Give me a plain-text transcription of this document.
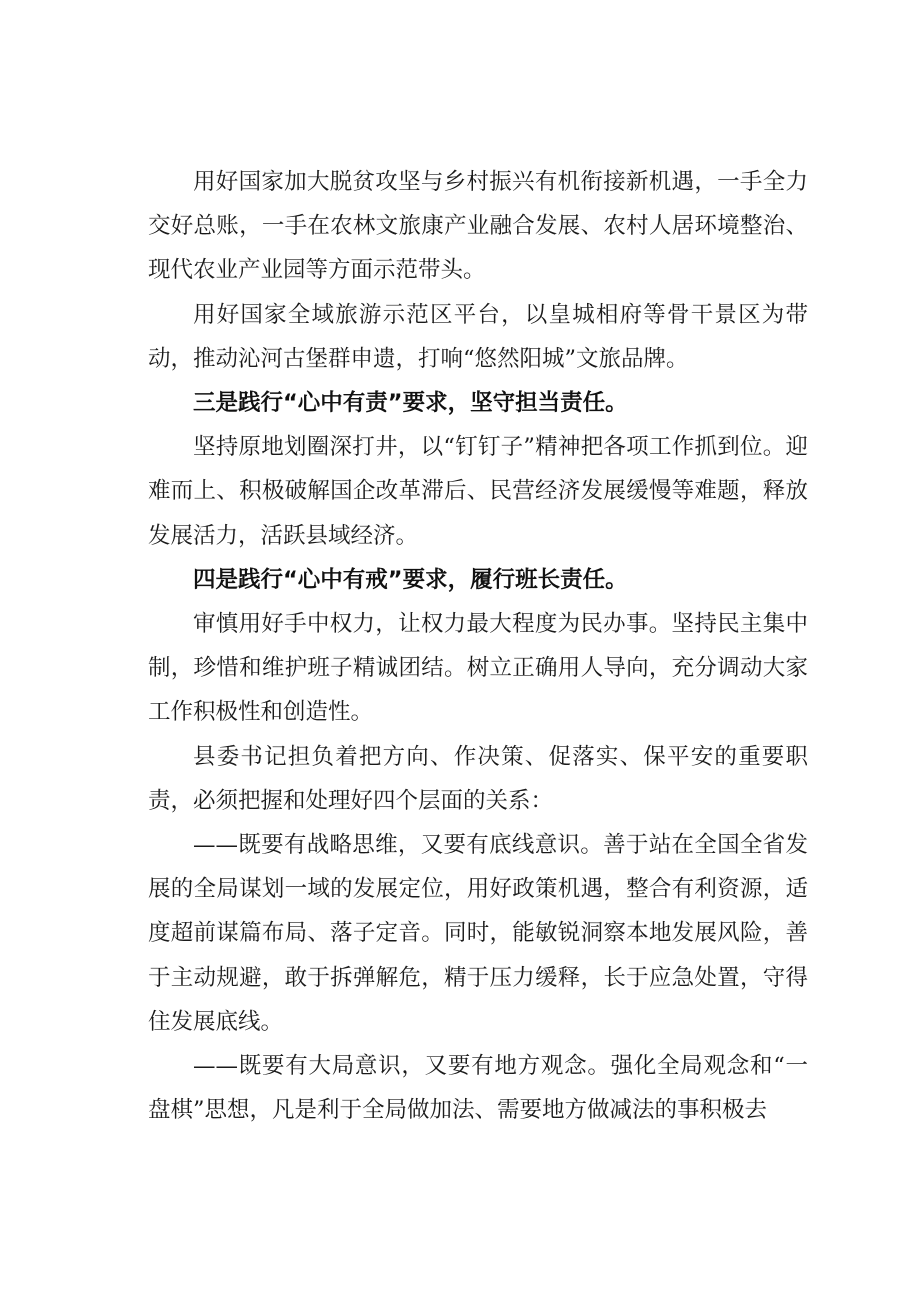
用好国家加大脱贫攻坚与乡村振兴有机衔接新机遇，一手全力交好总账，一手在农林文旅康产业融合发展、农村人居环境整治、现代农业产业园等方面示范带头。

用好国家全域旅游示范区平台，以皇城相府等骨干景区为带动，推动沁河古堡群申遗，打响“悠然阳城”文旅品牌。

三是践行“心中有责”要求，坚守担当责任。

坚持原地划圈深打井，以“钉钉子”精神把各项工作抓到位。迎难而上、积极破解国企改革滞后、民营经济发展缓慢等难题，释放发展活力，活跃县域经济。

四是践行“心中有戒”要求，履行班长责任。

审慎用好手中权力，让权力最大程度为民办事。坚持民主集中制，珍惜和维护班子精诚团结。树立正确用人导向，充分调动大家工作积极性和创造性。

县委书记担负着把方向、作决策、促落实、保平安的重要职责，必须把握和处理好四个层面的关系：

——既要有战略思维，又要有底线意识。善于站在全国全省发展的全局谋划一域的发展定位，用好政策机遇，整合有利资源，适度超前谋篇布局、落子定音。同时，能敏锐洞察本地发展风险，善于主动规避，敢于拆弹解危，精于压力缓释，长于应急处置，守得住发展底线。

——既要有大局意识，又要有地方观念。强化全局观念和“一盘棋”思想，凡是利于全局做加法、需要地方做减法的事积极去
